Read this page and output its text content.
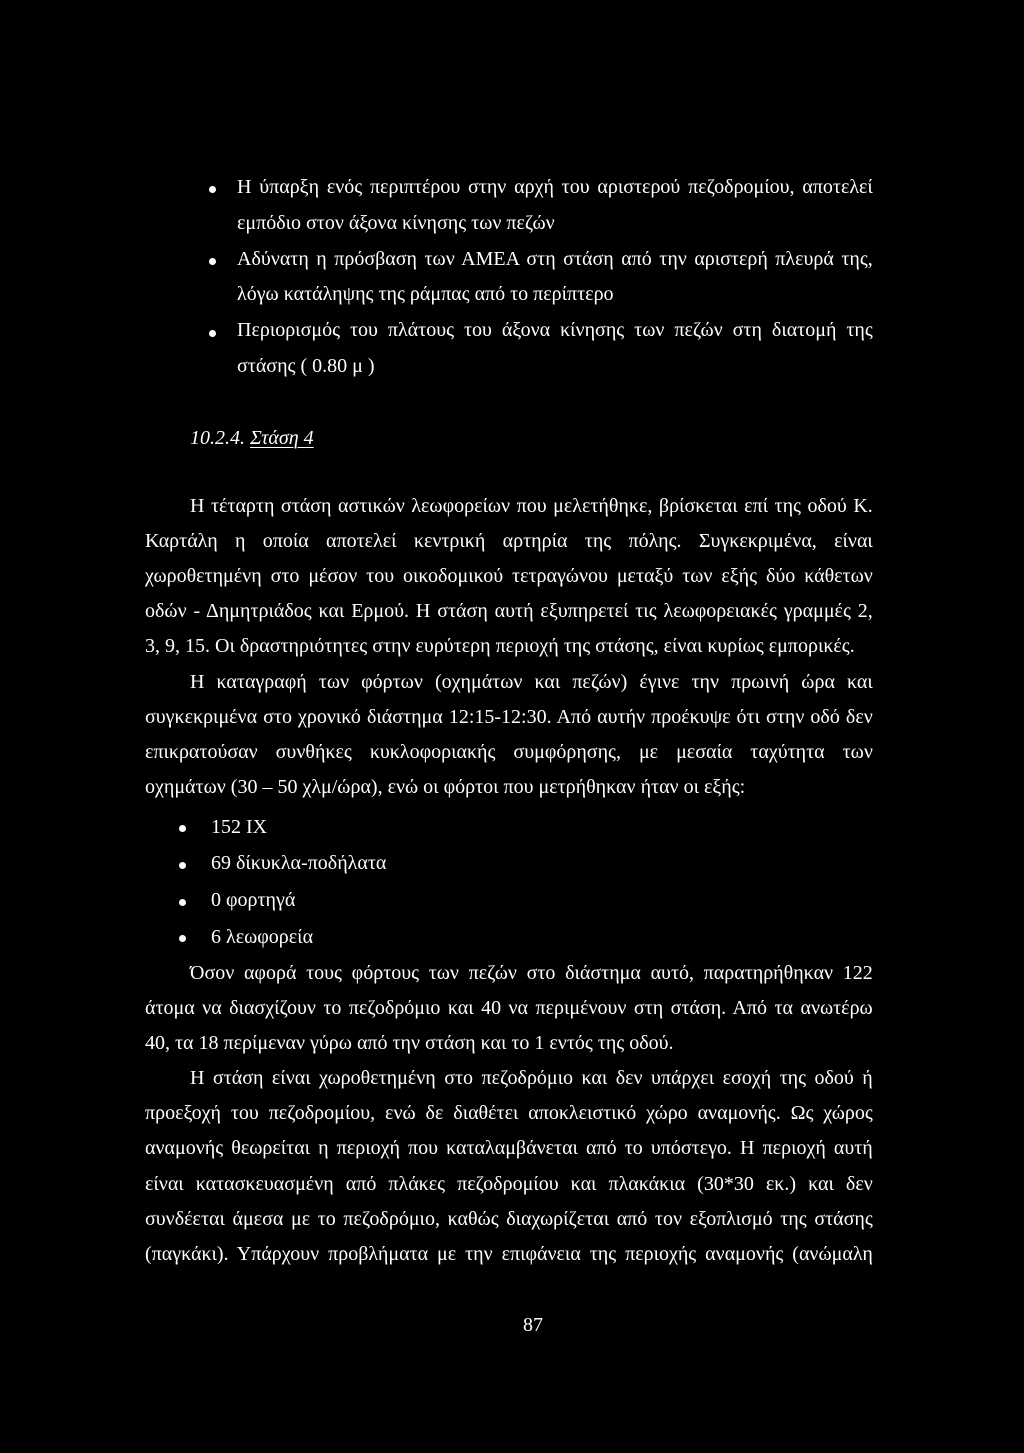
Η ύπαρξη ενός περιπτέρου στην αρχή του αριστερού πεζοδρομίου, αποτελεί
εμπόδιο στον άξονα κίνησης των πεζών
Αδύνατη η πρόσβαση των ΑΜΕΑ στη στάση από την αριστερή πλευρά της,
λόγω κατάληψης της ράμπας από το περίπτερο
Περιορισμός του πλάτους του άξονα κίνησης των πεζών στη διατομή της
στάσης ( 0.80 μ )
10.2.4. Στάση 4
Η τέταρτη στάση αστικών λεωφορείων που μελετήθηκε, βρίσκεται επί της οδού Κ.
Καρτάλη η οποία αποτελεί κεντρική αρτηρία της πόλης. Συγκεκριμένα, είναι
χωροθετημένη στο μέσον του οικοδομικού τετραγώνου μεταξύ των εξής δύο κάθετων
οδών - Δημητριάδος και Ερμού. Η στάση αυτή εξυπηρετεί τις λεωφορειακές γραμμές 2,
3, 9, 15. Οι δραστηριότητες στην ευρύτερη περιοχή της στάσης, είναι κυρίως εμπορικές.
Η καταγραφή των φόρτων (οχημάτων και πεζών) έγινε την πρωινή ώρα και
συγκεκριμένα στο χρονικό διάστημα 12:15-12:30. Από αυτήν προέκυψε ότι στην οδό δεν
επικρατούσαν συνθήκες κυκλοφοριακής συμφόρησης, με μεσαία ταχύτητα των
οχημάτων (30 – 50 χλμ/ώρα), ενώ οι φόρτοι που μετρήθηκαν ήταν οι εξής:
152 ΙΧ
69 δίκυκλα-ποδήλατα
0 φορτηγά
6 λεωφορεία
Όσον αφορά τους φόρτους των πεζών στο διάστημα αυτό, παρατηρήθηκαν 122
άτομα να διασχίζουν το πεζοδρόμιο και 40 να περιμένουν στη στάση. Από τα ανωτέρω
40, τα 18 περίμεναν γύρω από την στάση και το 1 εντός της οδού.
Η στάση είναι χωροθετημένη στο πεζοδρόμιο και δεν υπάρχει εσοχή της οδού ή
προεξοχή του πεζοδρομίου, ενώ δε διαθέτει αποκλειστικό χώρο αναμονής. Ως χώρος
αναμονής θεωρείται η περιοχή που καταλαμβάνεται από το υπόστεγο. Η περιοχή αυτή
είναι κατασκευασμένη από πλάκες πεζοδρομίου και πλακάκια (30*30 εκ.) και δεν
συνδέεται άμεσα με το πεζοδρόμιο, καθώς διαχωρίζεται από τον εξοπλισμό της στάσης
(παγκάκι). Υπάρχουν προβλήματα με την επιφάνεια της περιοχής αναμονής (ανώμαλη
87
